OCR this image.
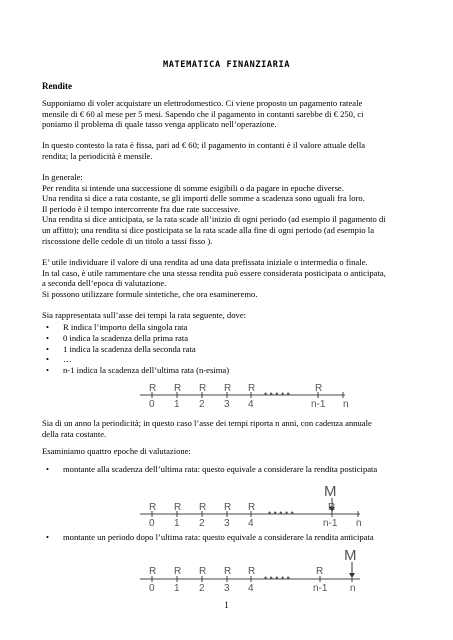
MATEMATICA FINANZIARIA
Rendite
Supponiamo di voler acquistare un elettrodomestico. Ci viene proposto un pagamento rateale
mensile di € 60 al mese per 5 mesi. Sapendo che il pagamento in contanti sarebbe di € 250, ci
poniamo il problema di quale tasso venga applicato nell’operazione.
In questo contesto la rata è fissa, pari ad € 60; il pagamento in contanti è il valore attuale della
rendita; la periodicità è mensile.
In generale:
Per rendita si intende una successione di somme esigibili o da pagare in epoche diverse.
Una rendita si dice a rata costante, se gli importi delle somme a scadenza sono uguali fra loro.
Il periodo è il tempo intercorrente fra due rate successive.
Una rendita si dice anticipata, se la rata scade all’inizio di ogni periodo (ad esempio il pagamento di
un affitto); una rendita si dice posticipata se la rata scade alla fine di ogni periodo (ad esempio la
riscossione delle cedole di un titolo a tassi fisso ).
E’ utile individuare il valore di una rendita ad una data prefissata iniziale o intermedia o finale.
In tal caso, è utile rammentare che una stessa rendita può essere considerata posticipata o anticipata,
a seconda dell’epoca di valutazione.
Si possono utilizzare formule sintetiche, che ora esamineremo.
Sia rappresentata sull’asse dei tempi la rata seguente, dove:
• R indica l’importo della singola rata
• 0 indica la scadenza della prima rata
• 1 indica la scadenza della seconda rata
• …
• n-1 indica la scadenza dell’ultima rata (n-esima)
R R R R R	R
0 1 2 3 4
• • • • •
n-1 n
Sia di un anno la periodicità; in questo caso l’asse dei tempi riporta n anni, con cadenza annuale
della rata costante.
Esaminiamo quattro epoche di valutazione:
• montante alla scadenza dell’ultima rata: questo equivale a considerare la rendita posticipata
M
R R R R R	R
0 1 2 3 4
• • • • •
n-1 n
• montante un periodo dopo l’ultima rata: questo equivale a considerare la rendita anticipata
M
R R R R R	R
0 1 2 3 4
• • • • •
n-1 n
1
